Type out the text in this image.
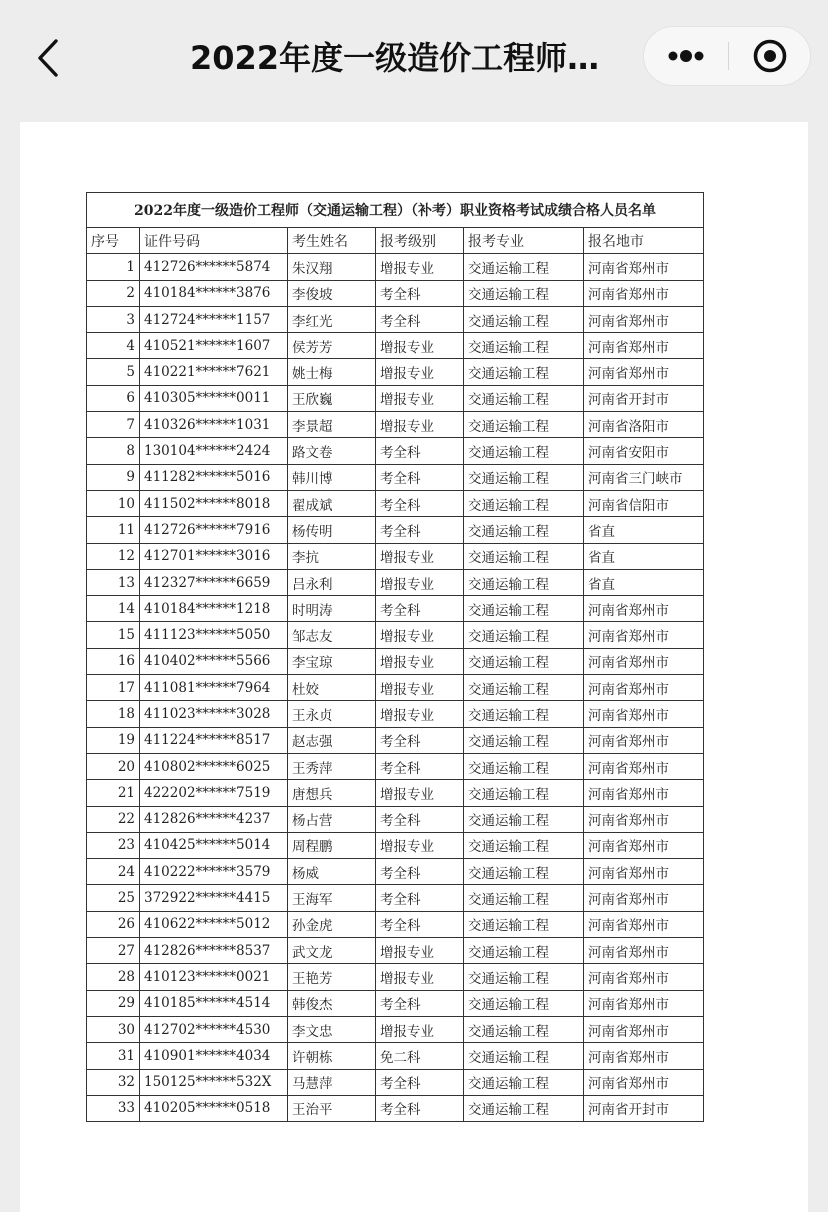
2022年度一级造价工程师…
2022年度一级造价工程师（交通运输工程）（补考）职业资格考试成绩合格人员名单					
序号	证件号码	考生姓名	报考级别	报考专业	报名地市
1	412726******5874	朱汉翔	增报专业	交通运输工程	河南省郑州市
2	410184******3876	李俊坡	考全科	交通运输工程	河南省郑州市
3	412724******1157	李红光	考全科	交通运输工程	河南省郑州市
4	410521******1607	侯芳芳	增报专业	交通运输工程	河南省郑州市
5	410221******7621	姚士梅	增报专业	交通运输工程	河南省郑州市
6	410305******0011	王欣巍	增报专业	交通运输工程	河南省开封市
7	410326******1031	李景超	增报专业	交通运输工程	河南省洛阳市
8	130104******2424	路文卷	考全科	交通运输工程	河南省安阳市
9	411282******5016	韩川博	考全科	交通运输工程	河南省三门峡市
10	411502******8018	翟成斌	考全科	交通运输工程	河南省信阳市
11	412726******7916	杨传明	考全科	交通运输工程	省直
12	412701******3016	李抗	增报专业	交通运输工程	省直
13	412327******6659	吕永利	增报专业	交通运输工程	省直
14	410184******1218	时明涛	考全科	交通运输工程	河南省郑州市
15	411123******5050	邹志友	增报专业	交通运输工程	河南省郑州市
16	410402******5566	李宝琼	增报专业	交通运输工程	河南省郑州市
17	411081******7964	杜姣	增报专业	交通运输工程	河南省郑州市
18	411023******3028	王永贞	增报专业	交通运输工程	河南省郑州市
19	411224******8517	赵志强	考全科	交通运输工程	河南省郑州市
20	410802******6025	王秀萍	考全科	交通运输工程	河南省郑州市
21	422202******7519	唐想兵	增报专业	交通运输工程	河南省郑州市
22	412826******4237	杨占营	考全科	交通运输工程	河南省郑州市
23	410425******5014	周程鹏	增报专业	交通运输工程	河南省郑州市
24	410222******3579	杨威	考全科	交通运输工程	河南省郑州市
25	372922******4415	王海军	考全科	交通运输工程	河南省郑州市
26	410622******5012	孙金虎	考全科	交通运输工程	河南省郑州市
27	412826******8537	武文龙	增报专业	交通运输工程	河南省郑州市
28	410123******0021	王艳芳	增报专业	交通运输工程	河南省郑州市
29	410185******4514	韩俊杰	考全科	交通运输工程	河南省郑州市
30	412702******4530	李文忠	增报专业	交通运输工程	河南省郑州市
31	410901******4034	许朝栋	免二科	交通运输工程	河南省郑州市
32	150125******532X	马慧萍	考全科	交通运输工程	河南省郑州市
33	410205******0518	王治平	考全科	交通运输工程	河南省开封市
